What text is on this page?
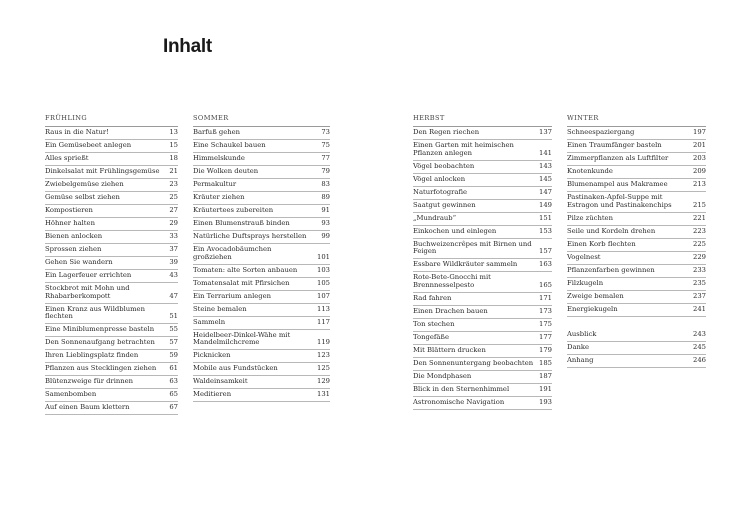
Inhalt
FRÜHLING
Raus in die Natur!	13
Ein Gemüsebeet anlegen	15
Alles sprießt	18
Dinkelsalat mit Frühlingsgemüse	21
Zwiebelgemüse ziehen	23
Gemüse selbst ziehen	25
Kompostieren	27
Höhner halten	29
Bienen anlocken	33
Sprossen ziehen	37
Gehen Sie wandern	39
Ein Lagerfeuer errichten	43
Stockbrot mit Mohn und Rhabarberkompott	47
Einen Kranz aus Wildblumen flechten	51
Eine Miniblumenpresse basteln	55
Den Sonnenaufgang betrachten	57
Ihren Lieblingsplatz finden	59
Pflanzen aus Stecklingen ziehen	61
Blütenzweige für drinnen	63
Samenbomben	65
Auf einen Baum klettern	67
SOMMER
Barfuß gehen	73
Eine Schaukel bauen	75
Himmelskunde	77
Die Wolken deuten	79
Permakultur	83
Kräuter ziehen	89
Kräutertees zubereiten	91
Einen Blumenstrauß binden	93
Natürliche Duftsprays herstellen	99
Ein Avocadobäumchen großziehen	101
Tomaten: alte Sorten anbauen	103
Tomatensalat mit Pfirsichen	105
Ein Terrarium anlegen	107
Steine bemalen	113
Sammeln	117
Heidelbeer-Dinkel-Wähe mit Mandelmilchcreme	119
Picknicken	123
Mobile aus Fundstücken	125
Waldeinsamkeit	129
Meditieren	131
HERBST
Den Regen riechen	137
Einen Garten mit heimischen Pflanzen anlegen	141
Vögel beobachten	143
Vögel anlocken	145
Naturfotografie	147
Saatgut gewinnen	149
„Mundraub“	151
Einkochen und einlegen	153
Buchweizencrêpes mit Birnen und Feigen	157
Essbare Wildkräuter sammeln	163
Rote-Bete-Gnocchi mit Brennnesselpesto	165
Rad fahren	171
Einen Drachen bauen	173
Ton stechen	175
Tongefäße	177
Mit Blättern drucken	179
Den Sonnenuntergang beobachten 185
Die Mondphasen	187
Blick in den Sternenhimmel	191
Astronomische Navigation	193
WINTER
Schneespaziergang	197
Einen Traumfänger basteln	201
Zimmerpflanzen als Luftfilter	203
Knotenkunde	209
Blumenampel aus Makramee	213
Pastinaken-Apfel-Suppe mit Estragon und Pastinakenchips	215
Pilze züchten	221
Seile und Kordeln drehen	223
Einen Korb flechten	225
Vogelnest	229
Pflanzenfarben gewinnen	233
Filzkugeln	235
Zweige bemalen	237
Energiekugeln	241
Ausblick	243
Danke	245
Anhang	246
